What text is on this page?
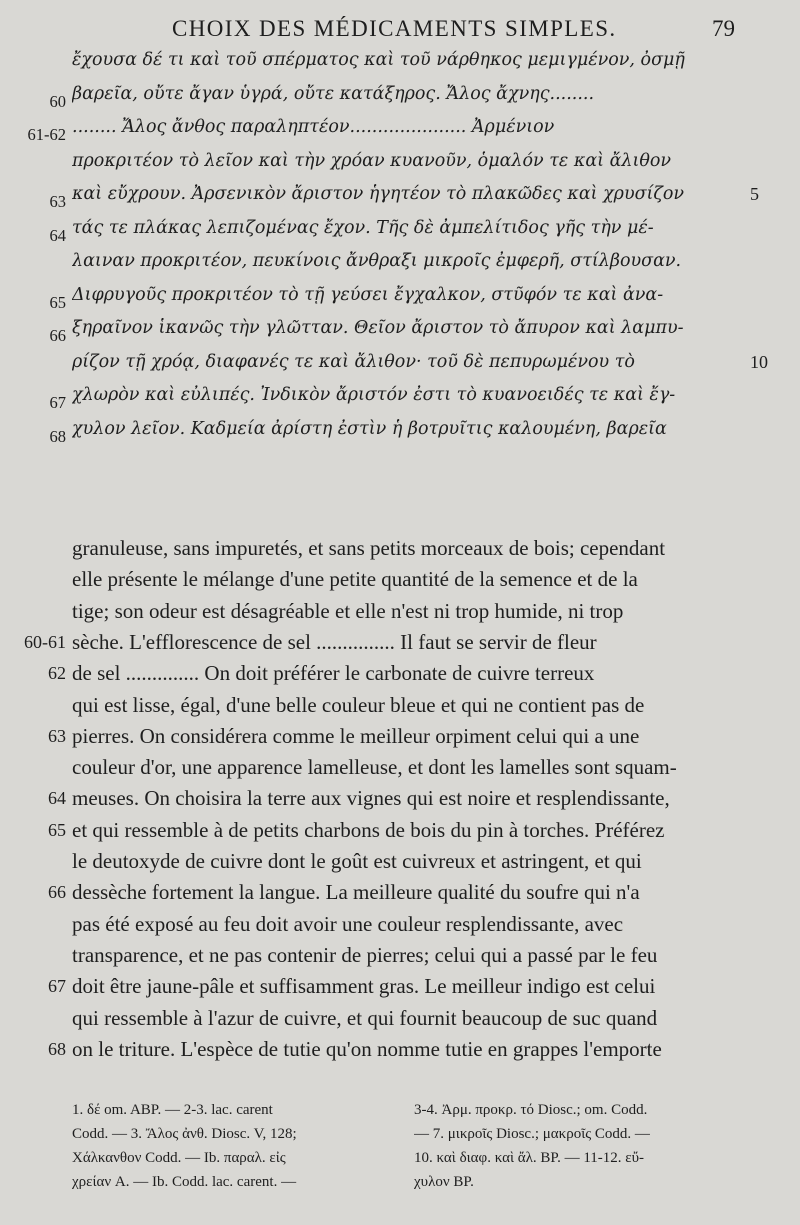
CHOIX DES MÉDICAMENTS SIMPLES.	79
ἔχουσα δέ τι καὶ τοῦ σπέρματος καὶ τοῦ νάρθηκος μεμιγμένον, ὀσμῇ
60 βαρεῖα, οὔτε ἄγαν ὑγρά, οὔτε κατάξηρος. Ἄλος ἄχνης........
61-62 ........ Ἄλος ἄνθος παραληπτέον..................... Ἀρμένιον
προκριτέον τὸ λεῖον καὶ τὴν χρόαν κυανοῦν, ὁμαλόν τε καὶ ἄλιθον
63 καὶ εὔχρουν. Ἀρσενικὸν ἄριστον ἡγητέον τὸ πλακῶδες καὶ χρυσίζον	5
64 τάς τε πλάκας λεπιζομένας ἔχον. Τῆς δὲ ἀμπελίτιδος γῆς τὴν μέ-
λαιναν προκριτέον, πευκίνοις ἄνθραξι μικροῖς ἐμφερῆ, στίλβουσαν.
65 Διφρυγοῦς προκριτέον τὸ τῇ γεύσει ἔγχαλκον, στῦφόν τε καὶ ἀνα-
66 ξηραῖνον ἱκανῶς τὴν γλῶτταν. Θεῖον ἄριστον τὸ ἄπυρον καὶ λαμπυ-
ρίζον τῇ χρόᾳ, διαφανές τε καὶ ἄλιθον· τοῦ δὲ πεπυρωμένου τὸ	10
67 χλωρὸν καὶ εὐλιπές. Ἰνδικὸν ἄριστόν ἐστι τὸ κυανοειδές τε καὶ ἔγ-
68 χυλον λεῖον. Καδμεία ἀρίστη ἐστὶν ἡ βοτρυῖτις καλουμένη, βαρεῖα
granuleuse, sans impuretés, et sans petits morceaux de bois; cependant
elle présente le mélange d'une petite quantité de la semence et de la
tige; son odeur est désagréable et elle n'est ni trop humide, ni trop
60-61 sèche. L'efflorescence de sel ............... Il faut se servir de fleur
62 de sel .............. On doit préférer le carbonate de cuivre terreux
qui est lisse, égal, d'une belle couleur bleue et qui ne contient pas de
63 pierres. On considérera comme le meilleur orpiment celui qui a une
couleur d'or, une apparence lamelleuse, et dont les lamelles sont squam-
64 meuses. On choisira la terre aux vignes qui est noire et resplendissante,
65 et qui ressemble à de petits charbons de bois du pin à torches. Préférez
le deutoxyde de cuivre dont le goût est cuivreux et astringent, et qui
66 dessèche fortement la langue. La meilleure qualité du soufre qui n'a
pas été exposé au feu doit avoir une couleur resplendissante, avec
transparence, et ne pas contenir de pierres; celui qui a passé par le feu
67 doit être jaune-pâle et suffisamment gras. Le meilleur indigo est celui
qui ressemble à l'azur de cuivre, et qui fournit beaucoup de suc quand
68 on le triture. L'espèce de tutie qu'on nomme tutie en grappes l'emporte
1. δέ om. ABP. — 2-3. lac. carent
Codd. — 3. Ἄλος ἀνθ. Diosc. V, 128;
Χάλκανθον Codd. — Ib. παραλ. εἰς
χρείαν A. — Ib. Codd. lac. carent. —
3-4. Ἀρμ. προκρ. τό Diosc.; om. Codd.
— 7. μικροῖς Diosc.; μακροῖς Codd. —
10. καὶ διαφ. καὶ ἄλ. BP. — 11-12. εὔ-
χυλον BP.
